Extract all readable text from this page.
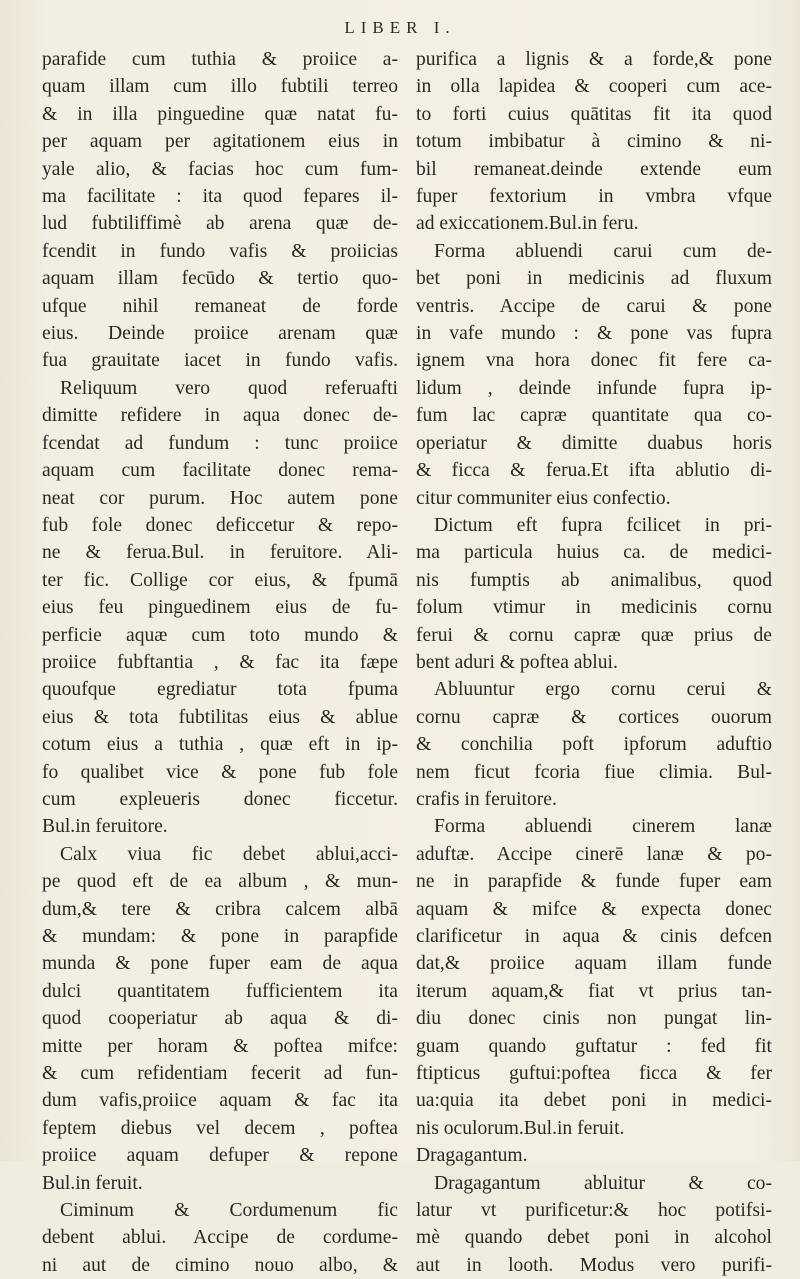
LIBER I.
parafide cum tuthia & proiice a-
quam illam cum illo fubtili terreo
& in illa pinguedine quæ natat fu-
per aquam per agitationem eius in
yale alio, & facias hoc cum fum-
ma facilitate : ita quod fepares il-
lud fubtiliffimè ab arena quæ de-
fcendit in fundo vafis & proiicias
aquam illam fecūdo & tertio quo-
ufque nihil remaneat de forde
eius. Deinde proiice arenam quæ
fua grauitate iacet in fundo vafis.
Reliquum vero quod referuafti
dimitte refidere in aqua donec de-
fcendat ad fundum : tunc proiice
aquam cum facilitate donec rema-
neat cor purum. Hoc autem pone
fub fole donec deficcetur & repo-
ne & ferua.Bul. in feruitore. Ali-
ter fic. Collige cor eius, & fpumā
eius feu pinguedinem eius de fu-
perficie aquæ cum toto mundo &
proiice fubftantia , & fac ita fæpe
quoufque egrediatur tota fpuma
eius & tota fubtilitas eius & ablue
cotum eius a tuthia , quæ eft in ip-
fo qualibet vice & pone fub fole
cum expleueris donec ficcetur.
Bul.in feruitore.
Calx viua fic debet ablui,acci-
pe quod eft de ea album , & mun-
dum,& tere & cribra calcem albā
& mundam: & pone in parapfide
munda & pone fuper eam de aqua
dulci quantitatem fufficientem ita
quod cooperiatur ab aqua & di-
mitte per horam & poftea mifce:
& cum refidentiam fecerit ad fun-
dum vafis,proiice aquam & fac ita
feptem diebus vel decem , poftea
proiice aquam defuper & repone
Bul.in feruit.
Ciminum & Cordumenum fic
debent ablui. Accipe de cordume-
ni aut de cimino nouo albo, &
purifica a lignis & a forde,& pone
in olla lapidea & cooperi cum ace-
to forti cuius quātitas fit ita quod
totum imbibatur à cimino & ni-
bil remaneat.deinde extende eum
fuper fextorium in vmbra vfque
ad exiccationem.Bul.in feru.
Forma abluendi carui cum de-
bet poni in medicinis ad fluxum
ventris. Accipe de carui & pone
in vafe mundo : & pone vas fupra
ignem vna hora donec fit fere ca-
lidum , deinde infunde fupra ip-
fum lac capræ quantitate qua co-
operiatur & dimitte duabus horis
& ficca & ferua.Et ifta ablutio di-
citur communiter eius confectio.
Dictum eft fupra fcilicet in pri-
ma particula huius ca. de medici-
nis fumptis ab animalibus, quod
folum vtimur in medicinis cornu
ferui & cornu capræ quæ prius de
bent aduri & poftea ablui.
Abluuntur ergo cornu cerui &
cornu capræ & cortices ouorum
& conchilia poft ipforum aduftio
nem ficut fcoria fiue climia. Bul-
crafis in feruitore.
Forma abluendi cinerem lanæ
aduftæ. Accipe cinerē lanæ & po-
ne in parapfide & funde fuper eam
aquam & mifce & expecta donec
clarificetur in aqua & cinis defcen
dat,& proiice aquam illam funde
iterum aquam,& fiat vt prius tan-
diu donec cinis non pungat lin-
guam quando guftatur : fed fit
ftipticus guftui:poftea ficca & fer
ua:quia ita debet poni in medici-
nis oculorum.Bul.in feruit.
Dragagantum.
Dragagantum abluitur & co-
latur vt purificetur:& hoc potifsi-
mè quando debet poni in alcohol
aut in looth. Modus vero purifi-
